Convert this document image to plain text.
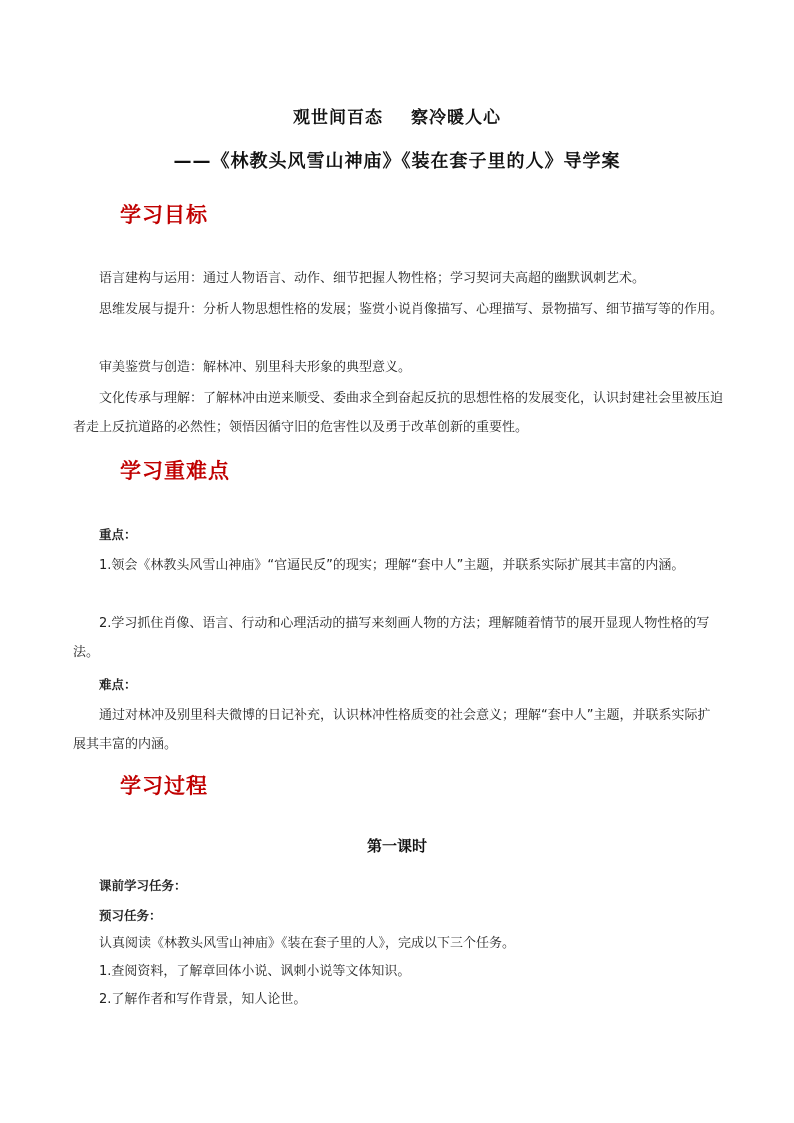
观世间百态 察冷暖人心
——《林教头风雪山神庙》《装在套子里的人》导学案
学习目标
语言建构与运用：通过人物语言、动作、细节把握人物性格；学习契诃夫高超的幽默讽刺艺术。
思维发展与提升：分析人物思想性格的发展；鉴赏小说肖像描写、心理描写、景物描写、细节描写等的作用。
审美鉴赏与创造：解林冲、别里科夫形象的典型意义。
文化传承与理解：了解林冲由逆来顺受、委曲求全到奋起反抗的思想性格的发展变化，认识封建社会里被压迫者走上反抗道路的必然性；领悟因循守旧的危害性以及勇于改革创新的重要性。
学习重难点
重点：
1.领会《林教头风雪山神庙》“官逼民反”的现实；理解“套中人”主题，并联系实际扩展其丰富的内涵。
2.学习抓住肖像、语言、行动和心理活动的描写来刻画人物的方法；理解随着情节的展开显现人物性格的写法。
难点：
通过对林冲及别里科夫微博的日记补充，认识林冲性格质变的社会意义；理解“套中人”主题，并联系实际扩展其丰富的内涵。
学习过程
第一课时
课前学习任务：
预习任务：
认真阅读《林教头风雪山神庙》《装在套子里的人》，完成以下三个任务。
1.查阅资料，了解章回体小说、讽刺小说等文体知识。
2.了解作者和写作背景，知人论世。
